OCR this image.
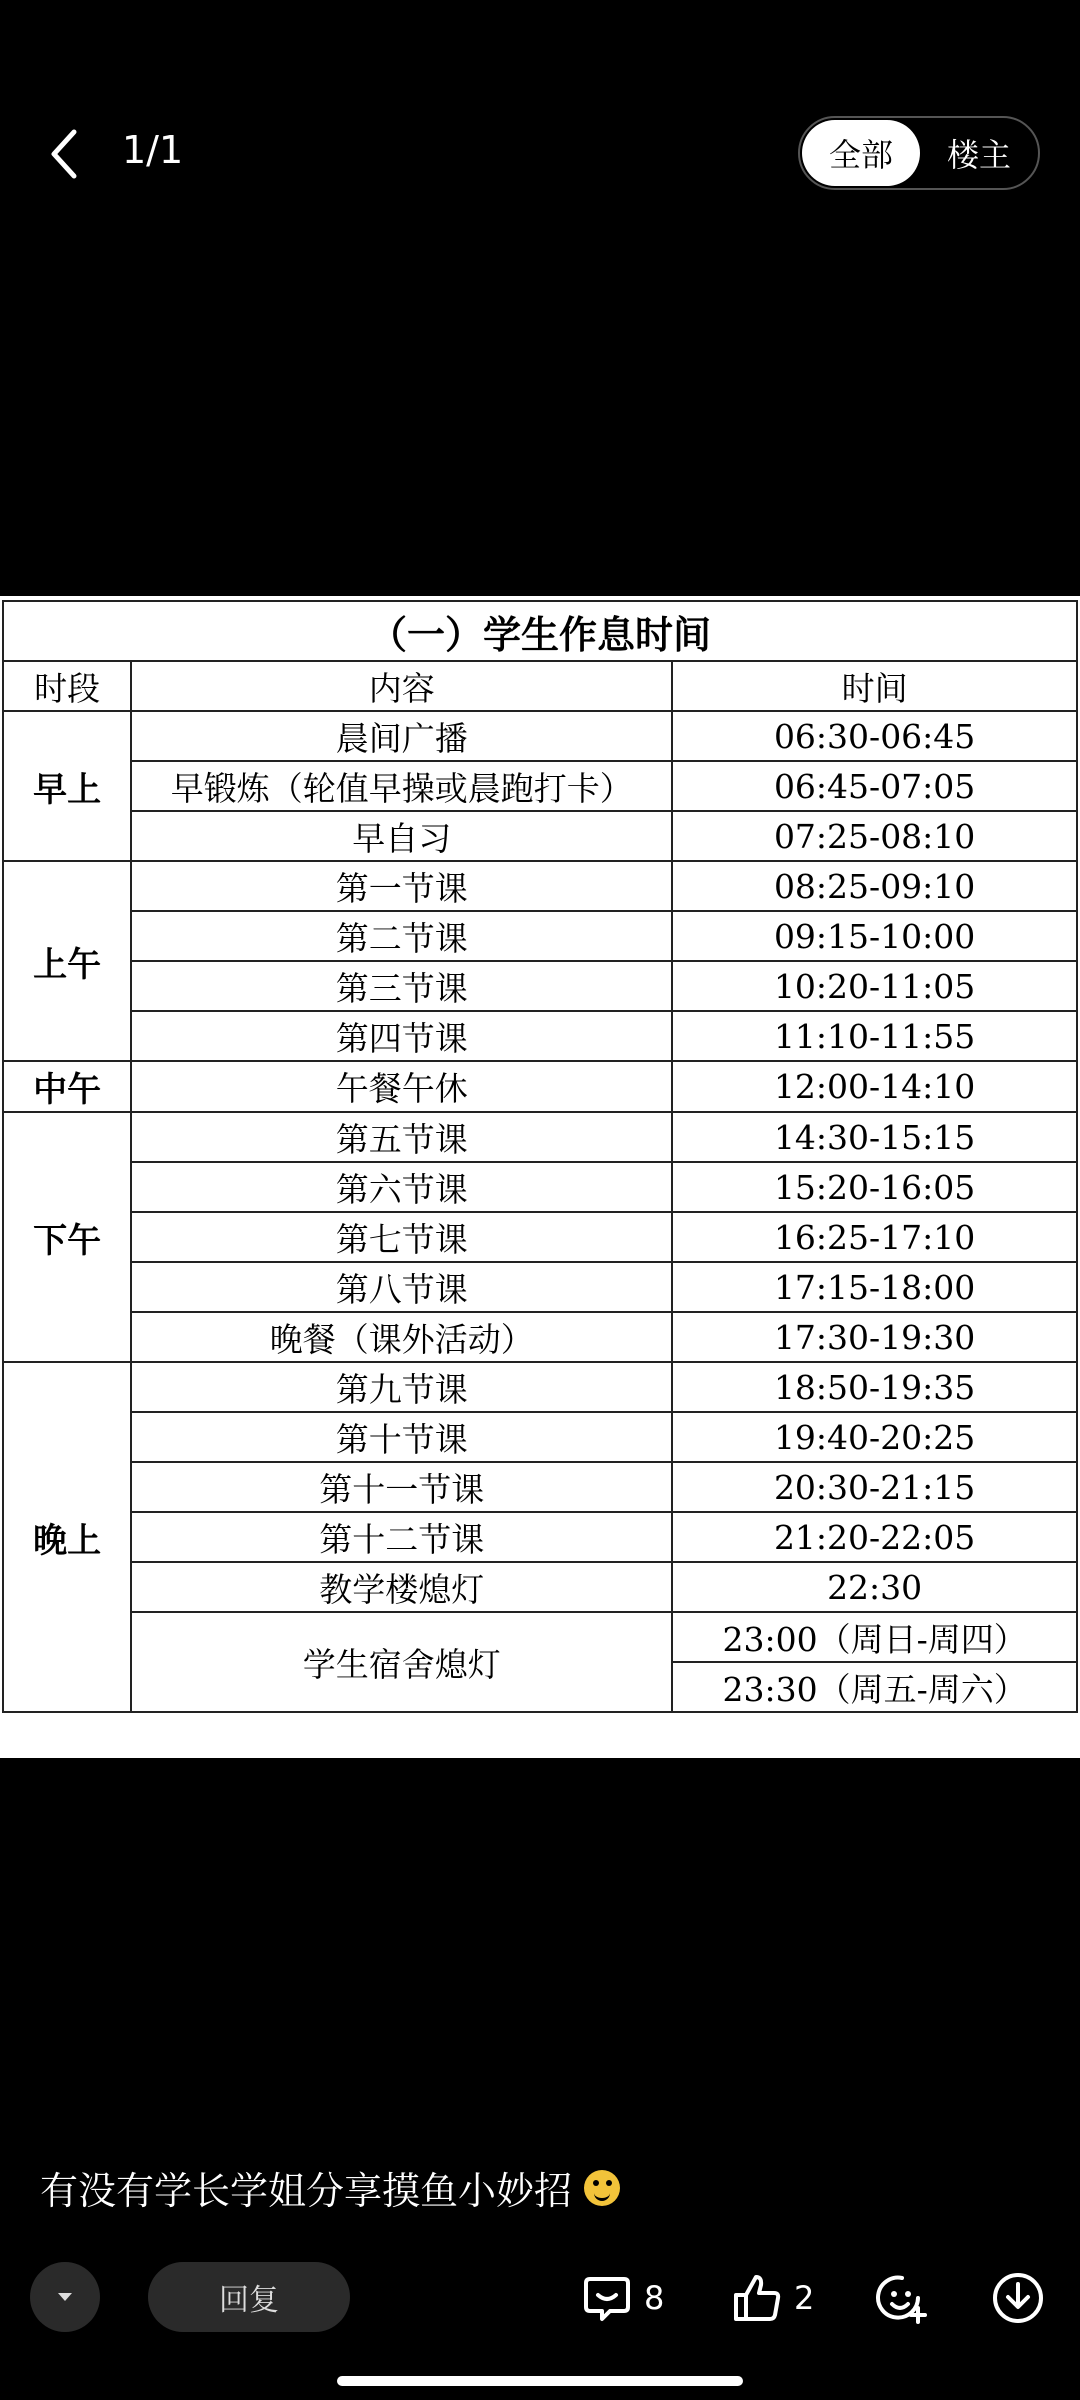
1/1	全部	楼主
（一）学生作息时间		
时段	内容	时间
早上	晨间广播	06:30-06:45
	早锻炼（轮值早操或晨跑打卡）	06:45-07:05
	早自习	07:25-08:10
上午	第一节课	08:25-09:10
	第二节课	09:15-10:00
	第三节课	10:20-11:05
	第四节课	11:10-11:55
中午	午餐午休	12:00-14:10
下午	第五节课	14:30-15:15
	第六节课	15:20-16:05
	第七节课	16:25-17:10
	第八节课	17:15-18:00
	晚餐（课外活动）	17:30-19:30
晚上	第九节课	18:50-19:35
	第十节课	19:40-20:25
	第十一节课	20:30-21:15
	第十二节课	21:20-22:05
	教学楼熄灯	22:30
	学生宿舍熄灯	23:00（周日-周四）
		23:30（周五-周六）
有没有学长学姐分享摸鱼小妙招
回复	8	2
